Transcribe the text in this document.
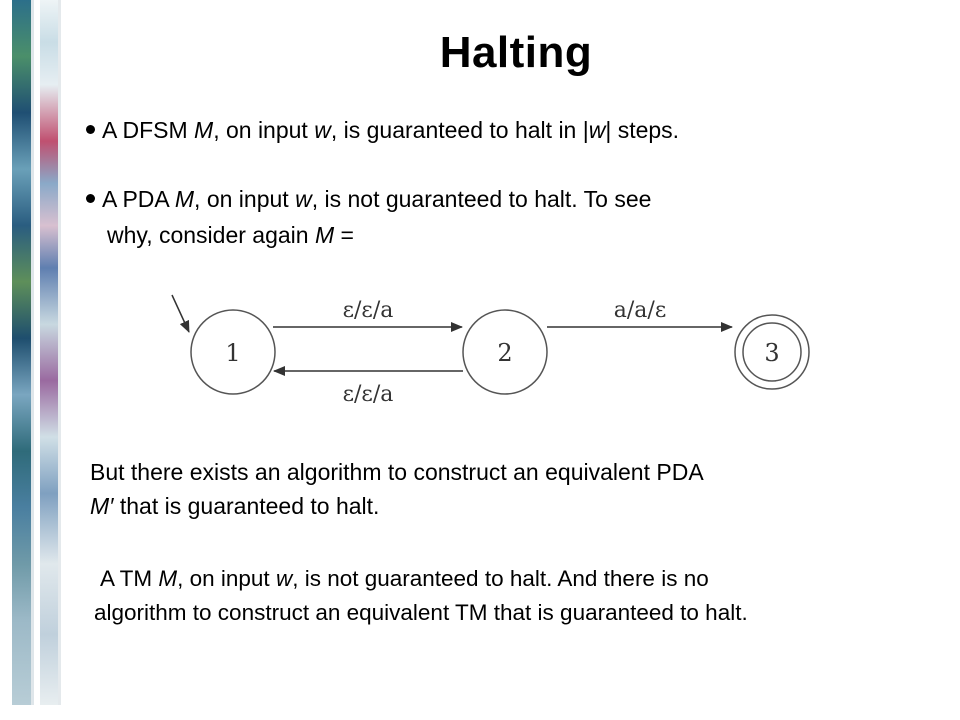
Halting
A DFSM M, on input w, is guaranteed to halt in |w| steps.
A PDA M, on input w, is not guaranteed to halt. To see
why, consider again M =
1	2	3
ε/ε/a
ε/ε/a
a/a/ε
But there exists an algorithm to construct an equivalent PDA
M′ that is guaranteed to halt.
A TM M, on input w, is not guaranteed to halt. And there is no
algorithm to construct an equivalent TM that is guaranteed to halt.
